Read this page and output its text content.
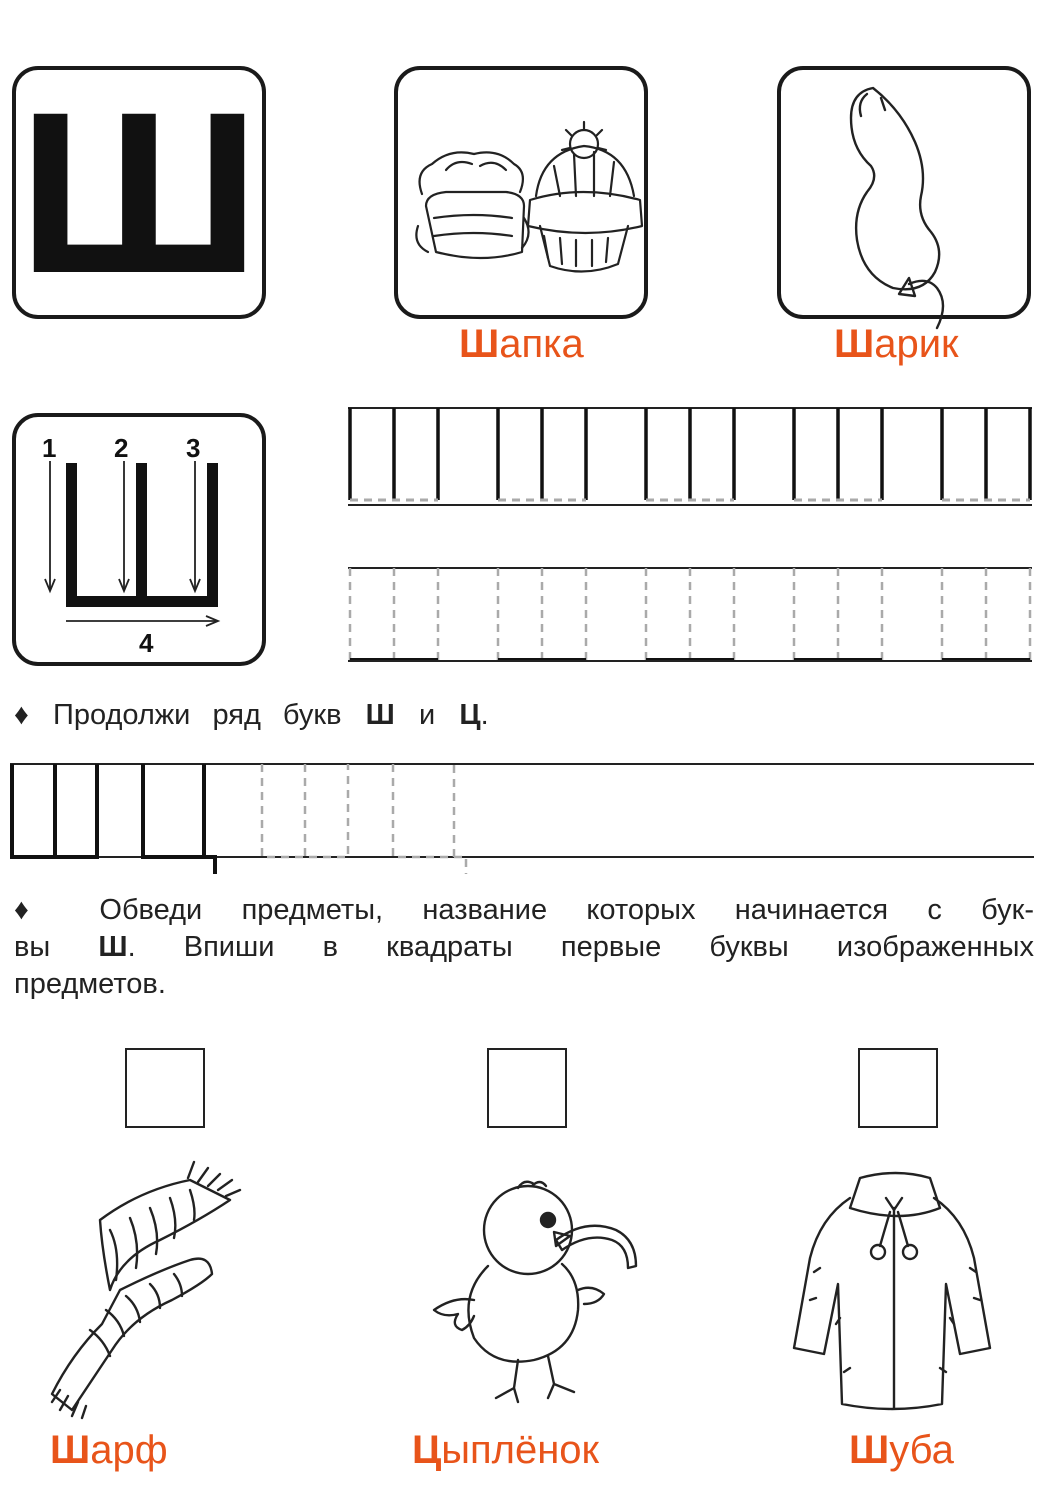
Ш
Шапка	Шарик
1 2 3
4
♦ Продолжи ряд букв Ш и Ц.
♦ Обведи предметы, название которых начинается с бук-
вы Ш. Впиши в квадраты первые буквы изображенных
предметов.
Шарф	Цыплёнок	Шуба
